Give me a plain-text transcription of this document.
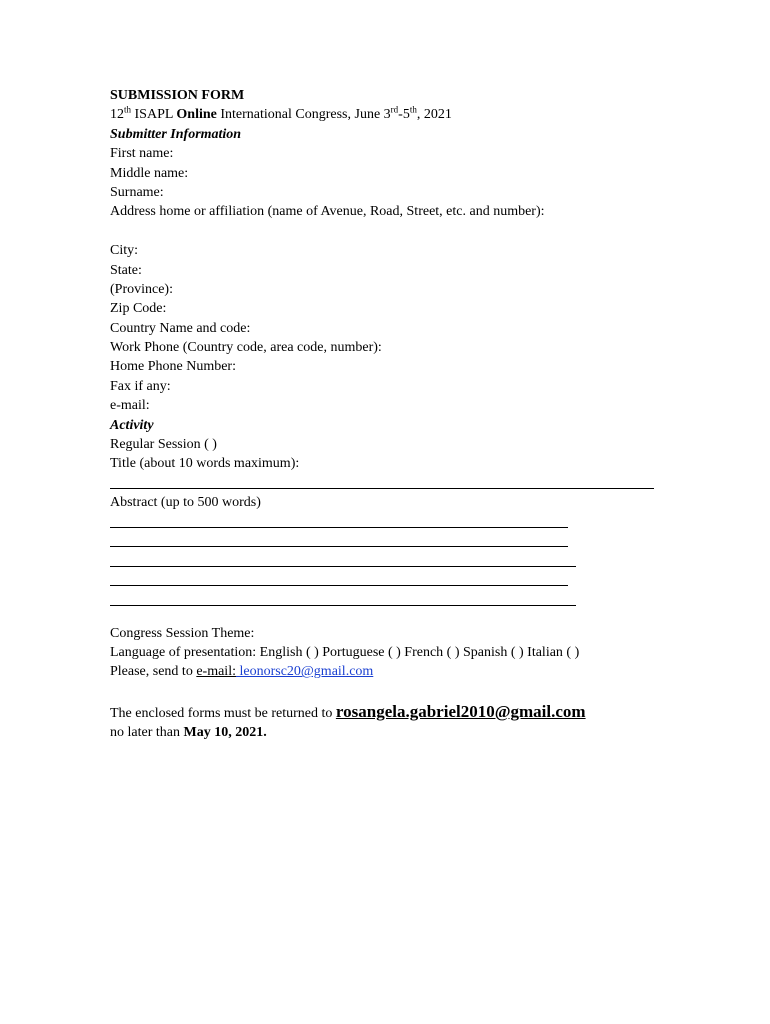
SUBMISSION FORM
12th ISAPL Online International Congress, June 3rd-5th, 2021
Submitter Information
First name:
Middle name:
Surname:
Address home or affiliation (name of Avenue, Road, Street, etc. and number):
City:
State:
(Province):
Zip Code:
Country Name and code:
Work Phone (Country code, area code, number):
Home Phone Number:
Fax if any:
e-mail:
Activity
Regular Session ( )
Title (about 10 words maximum):
Abstract (up to 500 words)
Congress Session Theme:
Language of presentation: English ( ) Portuguese ( ) French ( ) Spanish ( ) Italian ( )
Please, send to e-mail: leonorsc20@gmail.com
The enclosed forms must be returned to rosangela.gabriel2010@gmail.com
no later than May 10, 2021.
